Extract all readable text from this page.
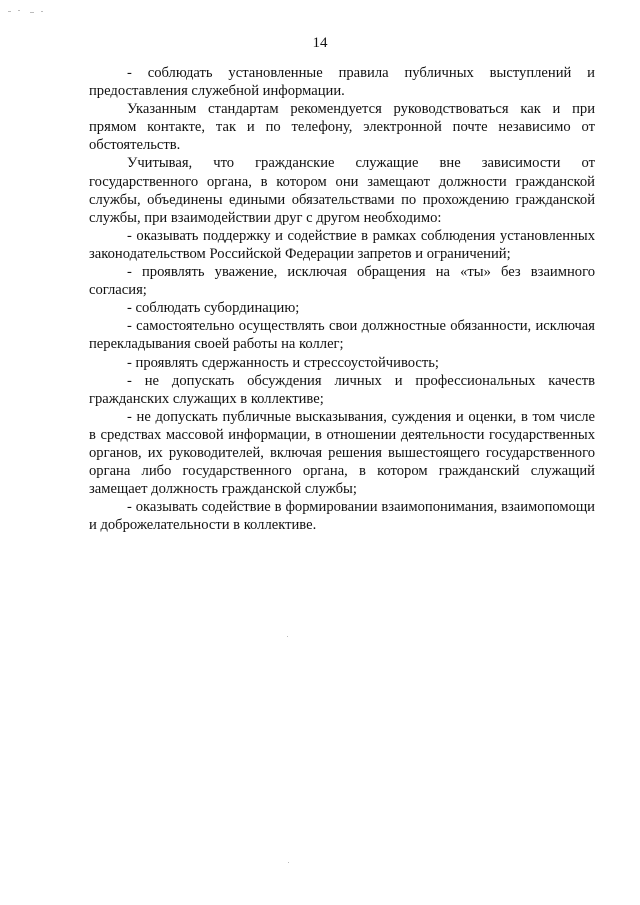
14

- соблюдать установленные правила публичных выступлений и предоставления служебной информации.

Указанным стандартам рекомендуется руководствоваться как и при прямом контакте, так и по телефону, электронной почте независимо от обстоятельств.

Учитывая, что гражданские служащие вне зависимости от государственного органа, в котором они замещают должности гражданской службы, объединены едиными обязательствами по прохождению гражданской службы, при взаимодействии друг с другом необходимо:

- оказывать поддержку и содействие в рамках соблюдения установленных законодательством Российской Федерации запретов и ограничений;

- проявлять уважение, исключая обращения на «ты» без взаимного согласия;

- соблюдать субординацию;

- самостоятельно осуществлять свои должностные обязанности, исключая перекладывания своей работы на коллег;

- проявлять сдержанность и стрессоустойчивость;

- не допускать обсуждения личных и профессиональных качеств гражданских служащих в коллективе;

- не допускать публичные высказывания, суждения и оценки, в том числе в средствах массовой информации, в отношении деятельности государственных органов, их руководителей, включая решения вышестоящего государственного органа либо государственного органа, в котором гражданский служащий замещает должность гражданской службы;

- оказывать содействие в формировании взаимопонимания, взаимопомощи и доброжелательности в коллективе.
